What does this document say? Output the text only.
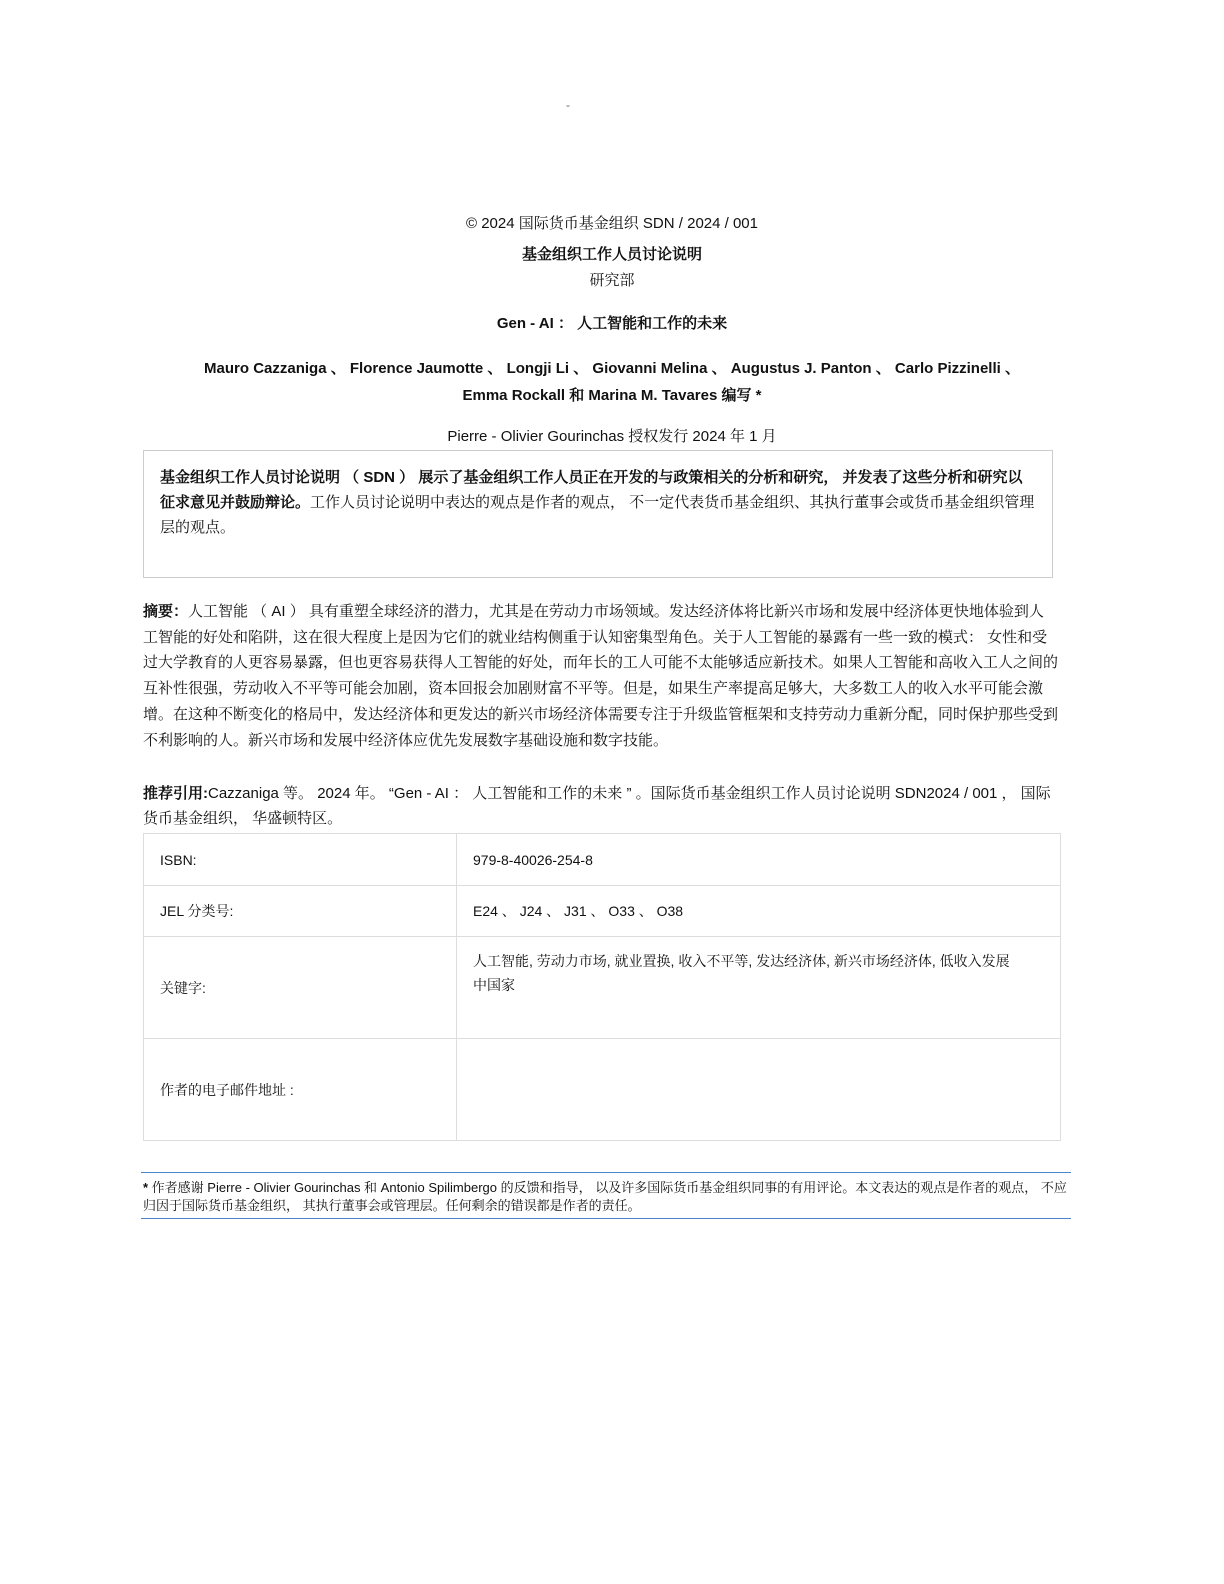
-
© 2024 国际货币基金组织 SDN / 2024 / 001
基金组织工作人员讨论说明
研究部
Gen - AI ： 人工智能和工作的未来
Mauro Cazzaniga 、 Florence Jaumotte 、 Longji Li 、 Giovanni Melina 、 Augustus J. Panton 、 Carlo Pizzinelli 、
Emma Rockall 和 Marina M. Tavares 编写 *
Pierre - Olivier Gourinchas 授权发行 2024 年 1 月
基金组织工作人员讨论说明 （ SDN ） 展示了基金组织工作人员正在开发的与政策相关的分析和研究， 并发表了这些分析和研究以征求意见并鼓励辩论。工作人员讨论说明中表达的观点是作者的观点， 不一定代表货币基金组织、其执行董事会或货币基金组织管理层的观点。
摘要：人工智能 （ AI ） 具有重塑全球经济的潜力，尤其是在劳动力市场领域。发达经济体将比新兴市场和发展中经济体更快地体验到人工智能的好处和陷阱，这在很大程度上是因为它们的就业结构侧重于认知密集型角色。关于人工智能的暴露有一些一致的模式： 女性和受过大学教育的人更容易暴露，但也更容易获得人工智能的好处，而年长的工人可能不太能够适应新技术。如果人工智能和高收入工人之间的互补性很强，劳动收入不平等可能会加剧，资本回报会加剧财富不平等。但是，如果生产率提高足够大，大多数工人的收入水平可能会激增。在这种不断变化的格局中，发达经济体和更发达的新兴市场经济体需要专注于升级监管框架和支持劳动力重新分配，同时保护那些受到不利影响的人。新兴市场和发展中经济体应优先发展数字基础设施和数字技能。
推荐引用:Cazzaniga 等。 2024 年。 “Gen - AI ： 人工智能和工作的未来 ” 。国际货币基金组织工作人员讨论说明 SDN2024 / 001 ， 国际货币基金组织， 华盛顿特区。
ISBN:	979-8-40026-254-8
JEL 分类号:	E24 、 J24 、 J31 、 O33 、 O38
关键字:	人工智能, 劳动力市场, 就业置换, 收入不平等, 发达经济体, 新兴市场经济体, 低收入发展中国家
作者的电子邮件地址 :	
* 作者感谢 Pierre - Olivier Gourinchas 和 Antonio Spilimbergo 的反馈和指导， 以及许多国际货币基金组织同事的有用评论。本文表达的观点是作者的观点， 不应归因于国际货币基金组织， 其执行董事会或管理层。任何剩余的错误都是作者的责任。
